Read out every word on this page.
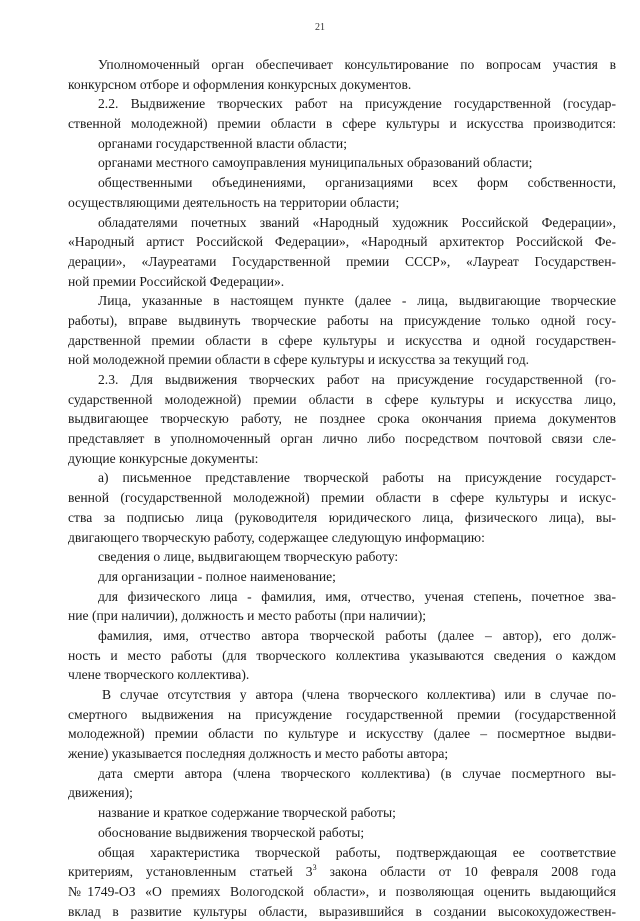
21
Уполномоченный орган обеспечивает консультирование по вопросам участия в
конкурсном отборе и оформления конкурсных документов.
2.2. Выдвижение творческих работ на присуждение государственной (государ-
ственной молодежной) премии области в сфере культуры и искусства производится:
органами государственной власти области;
органами местного самоуправления муниципальных образований области;
общественными объединениями, организациями всех форм собственности,
осуществляющими деятельность на территории области;
обладателями почетных званий «Народный художник Российской Федерации»,
«Народный артист Российской Федерации», «Народный архитектор Российской Фе-
дерации», «Лауреатами Государственной премии СССР», «Лауреат Государствен-
ной премии Российской Федерации».
Лица, указанные в настоящем пункте (далее - лица, выдвигающие творческие
работы), вправе выдвинуть творческие работы на присуждение только одной госу-
дарственной премии области в сфере культуры и искусства и одной государствен-
ной молодежной премии области в сфере культуры и искусства за текущий год.
2.3. Для выдвижения творческих работ на присуждение государственной (го-
сударственной молодежной) премии области в сфере культуры и искусства лицо,
выдвигающее творческую работу, не позднее срока окончания приема документов
представляет в уполномоченный орган лично либо посредством почтовой связи сле-
дующие конкурсные документы:
а) письменное представление творческой работы на присуждение государст-
венной (государственной молодежной) премии области в сфере культуры и искус-
ства за подписью лица (руководителя юридического лица, физического лица), вы-
двигающего творческую работу, содержащее следующую информацию:
сведения о лице, выдвигающем творческую работу:
для организации - полное наименование;
для физического лица - фамилия, имя, отчество, ученая степень, почетное зва-
ние (при наличии), должность и место работы (при наличии);
фамилия, имя, отчество автора творческой работы (далее – автор), его долж-
ность и место работы (для творческого коллектива указываются сведения о каждом
члене творческого коллектива).
В случае отсутствия у автора (члена творческого коллектива) или в случае по-
смертного выдвижения на присуждение государственной премии (государственной
молодежной) премии области по культуре и искусству (далее – посмертное выдви-
жение) указывается последняя должность и место работы автора;
дата смерти автора (члена творческого коллектива) (в случае посмертного вы-
движения);
название и краткое содержание творческой работы;
обоснование выдвижения творческой работы;
общая характеристика творческой работы, подтверждающая ее соответствие
критериям, установленным статьей $3^3$ закона области от 10 февраля 2008 года
№1749-ОЗ «О премиях Вологодской области», и позволяющая оценить выдающийся
вклад в развитие культуры области, выразившийся в создании высокохудожествен-
